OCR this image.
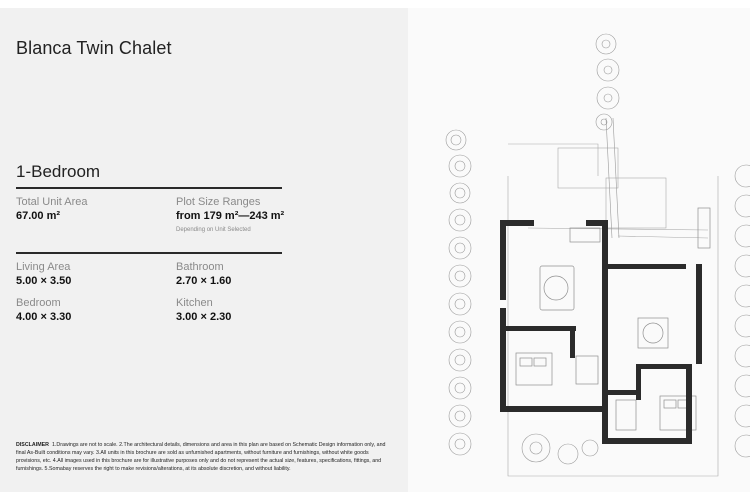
Blanca Twin Chalet
1-Bedroom
Total Unit Area
67.00 m²
Plot Size Ranges
from 179 m²—243 m²
Depending on Unit Selected
Living Area
5.00 × 3.50
Bathroom
2.70 × 1.60
Bedroom
4.00 × 3.30
Kitchen
3.00 × 2.30
DISCLAIMER 1.Drawings are not to scale. 2.The architectural details, dimensions and area in this plan are based on Schematic Design information only, and final As-Built conditions may vary. 3.All units in this brochure are sold as unfurnished apartments, without furniture and furnishings, without white goods provisions, etc. 4.All images used in this brochure are for illustrative purposes only and do not represent the actual size, features, specifications, fittings, and furnishings. 5.Somabay reserves the right to make revisions/alterations, at its absolute discretion, and without liability.
